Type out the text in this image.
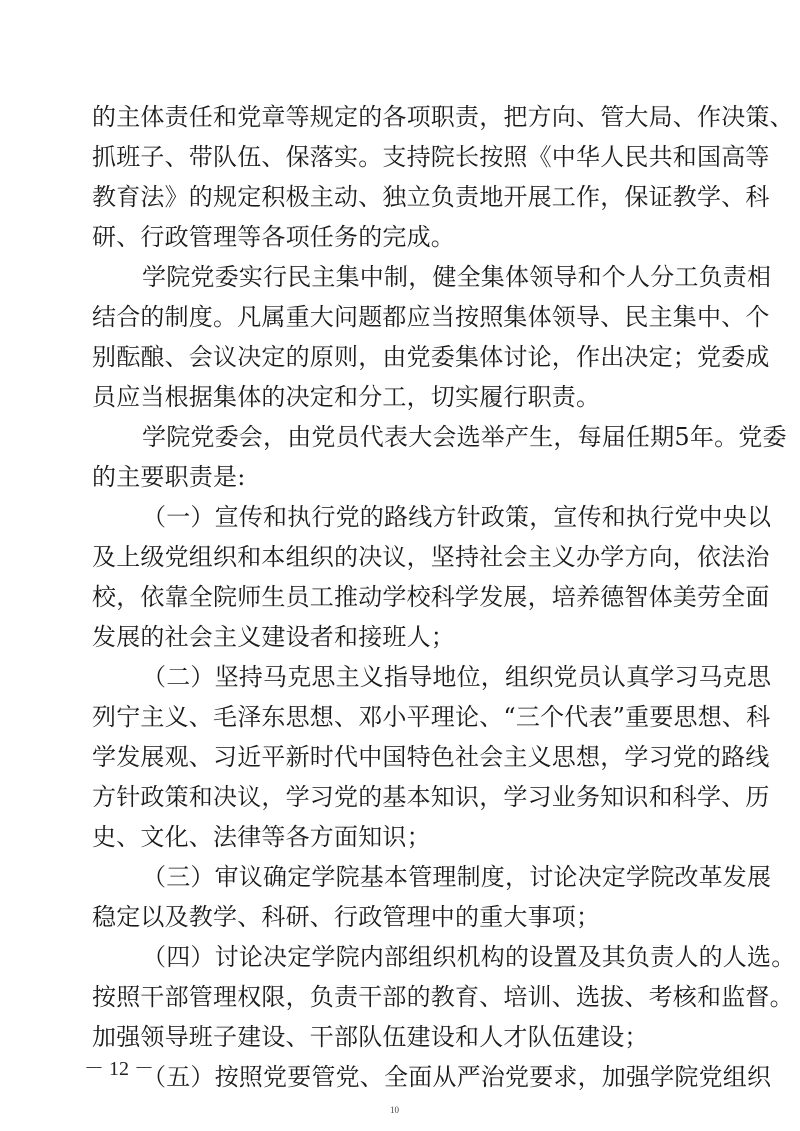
的主体责任和党章等规定的各项职责，把方向、管大局、作决策、
抓班子、带队伍、保落实。支持院长按照《中华人民共和国高等
教育法》的规定积极主动、独立负责地开展工作，保证教学、科
研、行政管理等各项任务的完成。
学院党委实行民主集中制，健全集体领导和个人分工负责相
结合的制度。凡属重大问题都应当按照集体领导、民主集中、个
别酝酿、会议决定的原则，由党委集体讨论，作出决定；党委成
员应当根据集体的决定和分工，切实履行职责。
学院党委会，由党员代表大会选举产生，每届任期5年。党委
的主要职责是:
（一）宣传和执行党的路线方针政策，宣传和执行党中央以
及上级党组织和本组织的决议，坚持社会主义办学方向，依法治
校，依靠全院师生员工推动学校科学发展，培养德智体美劳全面
发展的社会主义建设者和接班人；
（二）坚持马克思主义指导地位，组织党员认真学习马克思
列宁主义、毛泽东思想、邓小平理论、“三个代表”重要思想、科
学发展观、习近平新时代中国特色社会主义思想，学习党的路线
方针政策和决议，学习党的基本知识，学习业务知识和科学、历
史、文化、法律等各方面知识；
（三）审议确定学院基本管理制度，讨论决定学院改革发展
稳定以及教学、科研、行政管理中的重大事项；
（四）讨论决定学院内部组织机构的设置及其负责人的人选。
按照干部管理权限，负责干部的教育、培训、选拔、考核和监督。
－ 12 －
10
加强领导班子建设、干部队伍建设和人才队伍建设；
（五）按照党要管党、全面从严治党要求，加强学院党组织
